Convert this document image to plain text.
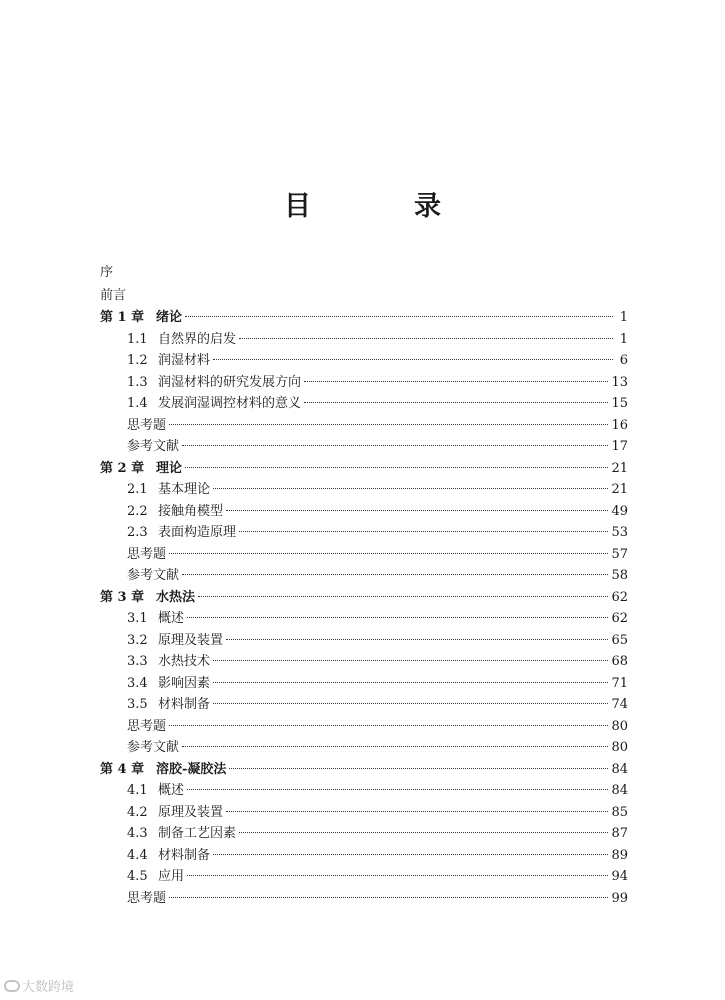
目　录
序
前言
第 1 章 绪论	1
1.1 自然界的启发	1
1.2 润湿材料	6
1.3 润湿材料的研究发展方向	13
1.4 发展润湿调控材料的意义	15
思考题	16
参考文献	17
第 2 章 理论	21
2.1 基本理论	21
2.2 接触角模型	49
2.3 表面构造原理	53
思考题	57
参考文献	58
第 3 章 水热法	62
3.1 概述	62
3.2 原理及装置	65
3.3 水热技术	68
3.4 影响因素	71
3.5 材料制备	74
思考题	80
参考文献	80
第 4 章 溶胶-凝胶法	84
4.1 概述	84
4.2 原理及装置	85
4.3 制备工艺因素	87
4.4 材料制备	89
4.5 应用	94
思考题	99
大数跨境
